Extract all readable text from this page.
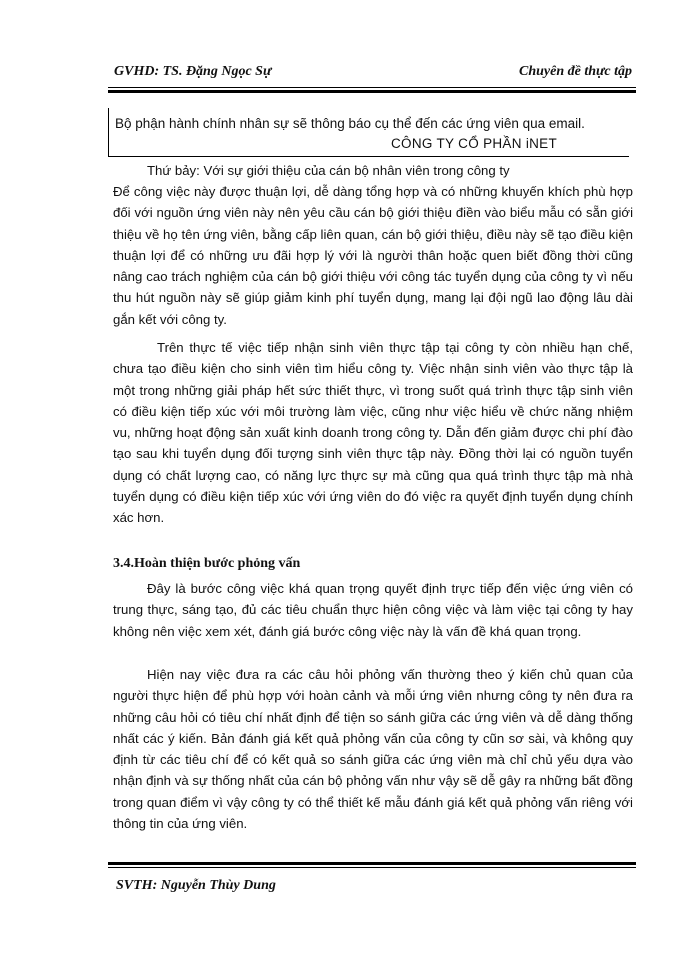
GVHD: TS. Đặng Ngọc Sự	Chuyên đề thực tập
Bộ phận hành chính nhân sự sẽ thông báo cụ thể đến các ứng viên qua email.
CÔNG TY CỔ PHẦN iNET
Thứ bảy: Với sự giới thiệu của cán bộ nhân viên trong công ty
Để công việc này được thuận lợi, dễ dàng tổng hợp và có những khuyến khích phù hợp đối với nguồn ứng viên này nên yêu cầu cán bộ giới thiệu điền vào biểu mẫu có sẵn giới thiệu về họ tên ứng viên, bằng cấp liên quan, cán bộ giới thiệu, điều này sẽ tạo điều kiện thuận lợi để có những ưu đãi hợp lý với là người thân hoặc quen biết đồng thời cũng nâng cao trách nghiệm của cán bộ giới thiệu với công tác tuyển dụng của công ty vì nếu thu hút nguồn này sẽ giúp giảm kinh phí tuyển dụng, mang lại đội ngũ lao động lâu dài gắn kết với công ty.
Trên thực tế việc tiếp nhận sinh viên thực tập tại công ty còn nhiều hạn chế, chưa tạo điều kiện cho sinh viên tìm hiểu công ty. Việc nhận sinh viên vào thực tập là một trong những giải pháp hết sức thiết thực, vì trong suốt quá trình thực tập sinh viên có điều kiện tiếp xúc với môi trường làm việc, cũng như việc hiểu về chức năng nhiệm vu, những hoạt động sản xuất kinh doanh trong công ty. Dẫn đến giảm được chi phí đào tạo sau khi tuyển dụng đối tượng sinh viên thực tập này. Đồng thời lại có nguồn tuyển dụng có chất lượng cao, có năng lực thực sự mà cũng qua quá trình thực tập mà nhà tuyển dụng có điều kiện tiếp xúc với ứng viên do đó việc ra quyết định tuyển dụng chính xác hơn.
3.4.Hoàn thiện bước phỏng vấn
Đây là bước công việc khá quan trọng quyết định trực tiếp đến việc ứng viên có trung thực, sáng tạo, đủ các tiêu chuẩn thực hiện công việc và làm việc tại công ty hay không nên việc xem xét, đánh giá bước công việc này là vấn đề khá quan trọng.
Hiện nay việc đưa ra các câu hỏi phỏng vấn thường theo ý kiến chủ quan của người thực hiện để phù hợp với hoàn cảnh và mỗi ứng viên nhưng công ty nên đưa ra những câu hỏi có tiêu chí nhất định để tiện so sánh giữa các ứng viên và dễ dàng thống nhất các ý kiến. Bản đánh giá kết quả phỏng vấn của công ty cũn sơ sài, và không quy định từ các tiêu chí để có kết quả so sánh giữa các ứng viên mà chỉ chủ yếu dựa vào nhận định và sự thống nhất của cán bộ phỏng vấn như vậy sẽ dễ gây ra những bất đồng trong quan điểm vì vậy công ty có thể thiết kế mẫu đánh giá kết quả phỏng vấn riêng với thông tin của ứng viên.
SVTH: Nguyễn Thùy Dung
